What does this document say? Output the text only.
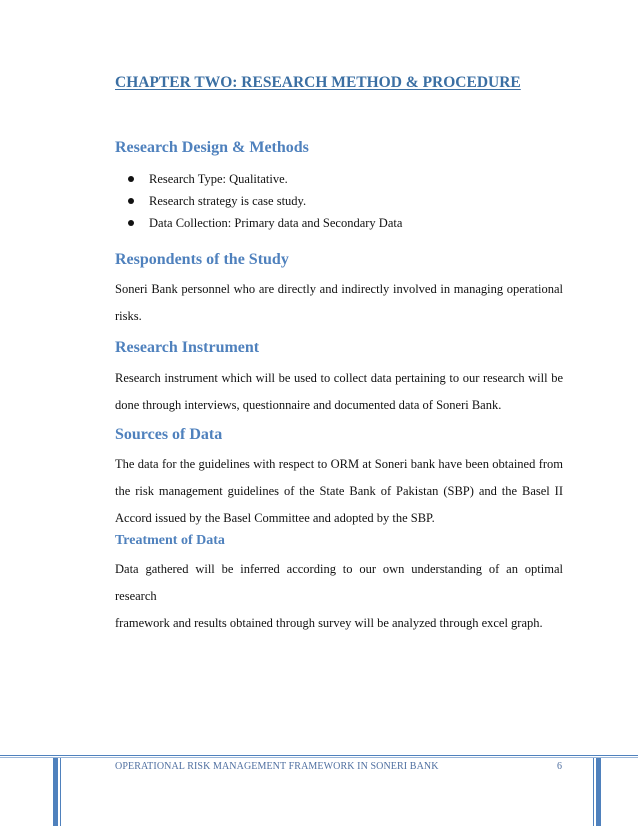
CHAPTER TWO: RESEARCH METHOD & PROCEDURE
Research Design & Methods
Research Type: Qualitative.
Research strategy is case study.
Data Collection: Primary data and Secondary Data
Respondents of the Study
Soneri Bank personnel who are directly and indirectly involved in managing operational
risks.
Research Instrument
Research instrument which will be used to collect data pertaining to our research will be
done through interviews, questionnaire and documented data of Soneri Bank.
Sources of Data
The data for the guidelines with respect to ORM at Soneri bank have been obtained from
the risk management guidelines of the State Bank of Pakistan (SBP) and the Basel II
Accord issued by the Basel Committee and adopted by the SBP.
Treatment of Data
Data gathered will be inferred according to our own understanding of an optimal research
framework and results obtained through survey will be analyzed through excel graph.
OPERATIONAL RISK MANAGEMENT FRAMEWORK IN SONERI BANK	6
